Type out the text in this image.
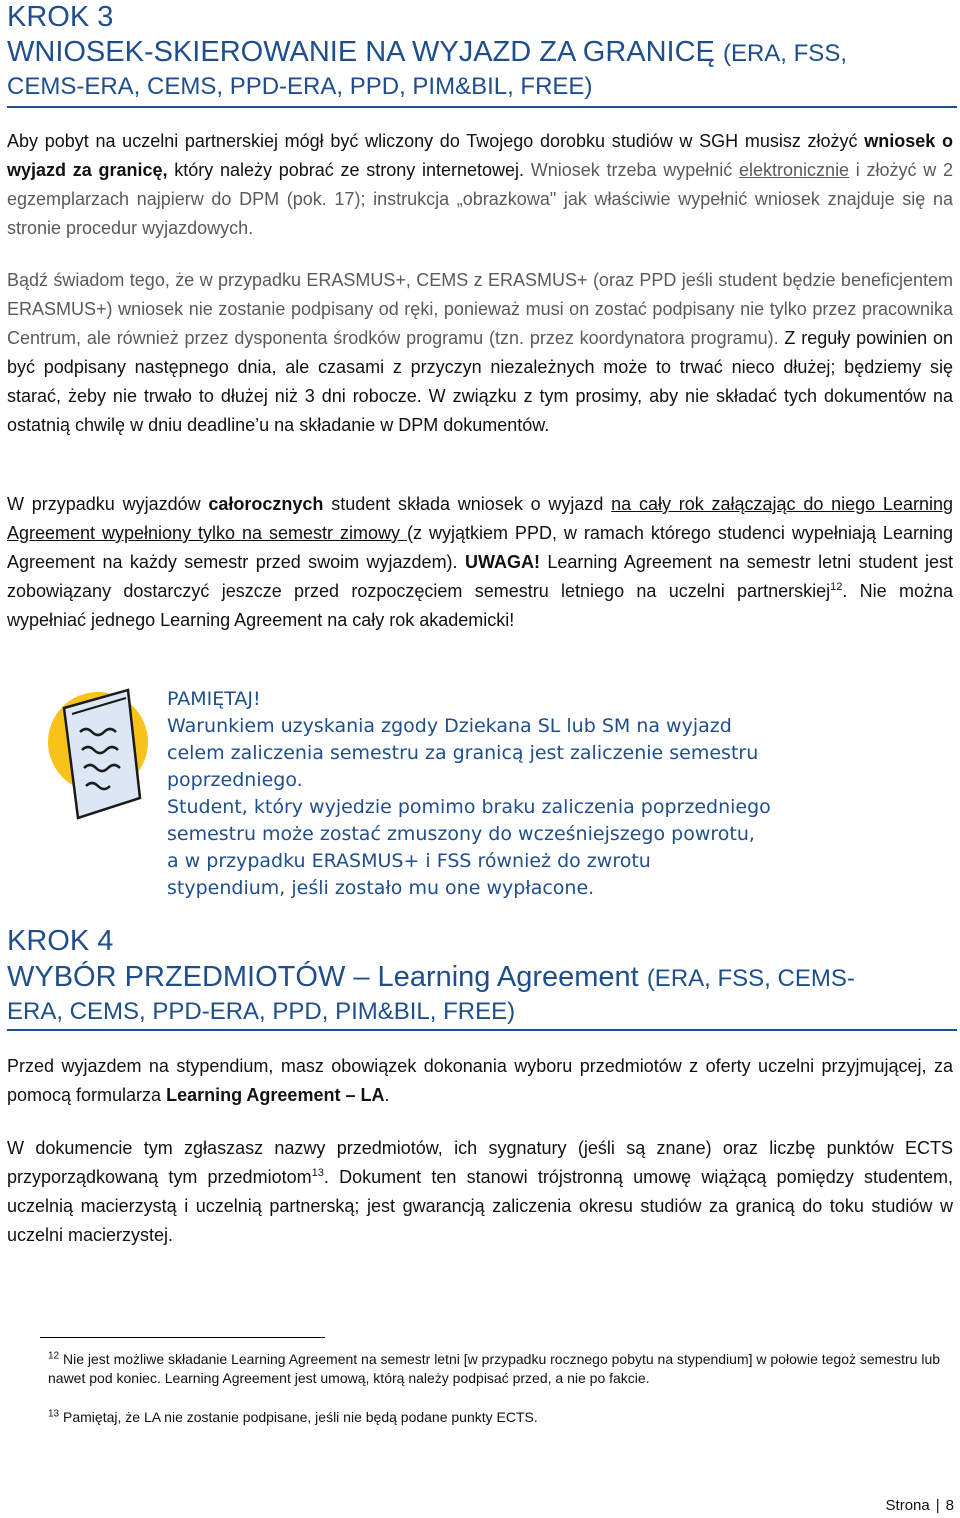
KROK 3
WNIOSEK-SKIEROWANIE NA WYJAZD ZA GRANICĘ (ERA, FSS,
CEMS-ERA, CEMS, PPD-ERA, PPD, PIM&BIL, FREE)
Aby pobyt na uczelni partnerskiej mógł być wliczony do Twojego dorobku studiów w SGH musisz złożyć wniosek o wyjazd za granicę, który należy pobrać ze strony internetowej. Wniosek trzeba wypełnić elektronicznie i złożyć w 2 egzemplarzach najpierw do DPM (pok. 17); instrukcja „obrazkowa" jak właściwie wypełnić wniosek znajduje się na stronie procedur wyjazdowych.
Bądź świadom tego, że w przypadku ERASMUS+, CEMS z ERASMUS+ (oraz PPD jeśli student będzie beneficjentem ERASMUS+) wniosek nie zostanie podpisany od ręki, ponieważ musi on zostać podpisany nie tylko przez pracownika Centrum, ale również przez dysponenta środków programu (tzn. przez koordynatora programu). Z reguły powinien on być podpisany następnego dnia, ale czasami z przyczyn niezależnych może to trwać nieco dłużej; będziemy się starać, żeby nie trwało to dłużej niż 3 dni robocze. W związku z tym prosimy, aby nie składać tych dokumentów na ostatnią chwilę w dniu deadline’u na składanie w DPM dokumentów.
W przypadku wyjazdów całorocznych student składa wniosek o wyjazd na cały rok załączając do niego Learning Agreement wypełniony tylko na semestr zimowy (z wyjątkiem PPD, w ramach którego studenci wypełniają Learning Agreement na każdy semestr przed swoim wyjazdem). UWAGA! Learning Agreement na semestr letni student jest zobowiązany dostarczyć jeszcze przed rozpoczęciem semestru letniego na uczelni partnerskiej$^{12}$. Nie można wypełniać jednego Learning Agreement na cały rok akademicki!
PAMIĘTAJ!
Warunkiem uzyskania zgody Dziekana SL lub SM na wyjazd
celem zaliczenia semestru za granicą jest zaliczenie semestru
poprzedniego.
Student, który wyjedzie pomimo braku zaliczenia poprzedniego
semestru może zostać zmuszony do wcześniejszego powrotu,
a w przypadku ERASMUS+ i FSS również do zwrotu
stypendium, jeśli zostało mu one wypłacone.
KROK 4
WYBÓR PRZEDMIOTÓW – Learning Agreement (ERA, FSS, CEMS-
ERA, CEMS, PPD-ERA, PPD, PIM&BIL, FREE)
Przed wyjazdem na stypendium, masz obowiązek dokonania wyboru przedmiotów z oferty uczelni przyjmującej, za pomocą formularza Learning Agreement – LA.
W dokumencie tym zgłaszasz nazwy przedmiotów, ich sygnatury (jeśli są znane) oraz liczbę punktów ECTS przyporządkowaną tym przedmiotom$^{13}$. Dokument ten stanowi trójstronną umowę wiążącą pomiędzy studentem, uczelnią macierzystą i uczelnią partnerską; jest gwarancją zaliczenia okresu studiów za granicą do toku studiów w uczelni macierzystej.
$^{12}$ Nie jest możliwe składanie Learning Agreement na semestr letni [w przypadku rocznego pobytu na stypendium] w połowie tegoż semestru lub nawet pod koniec. Learning Agreement jest umową, którą należy podpisać przed, a nie po fakcie.
$^{13}$ Pamiętaj, że LA nie zostanie podpisane, jeśli nie będą podane punkty ECTS.
Strona | 8
